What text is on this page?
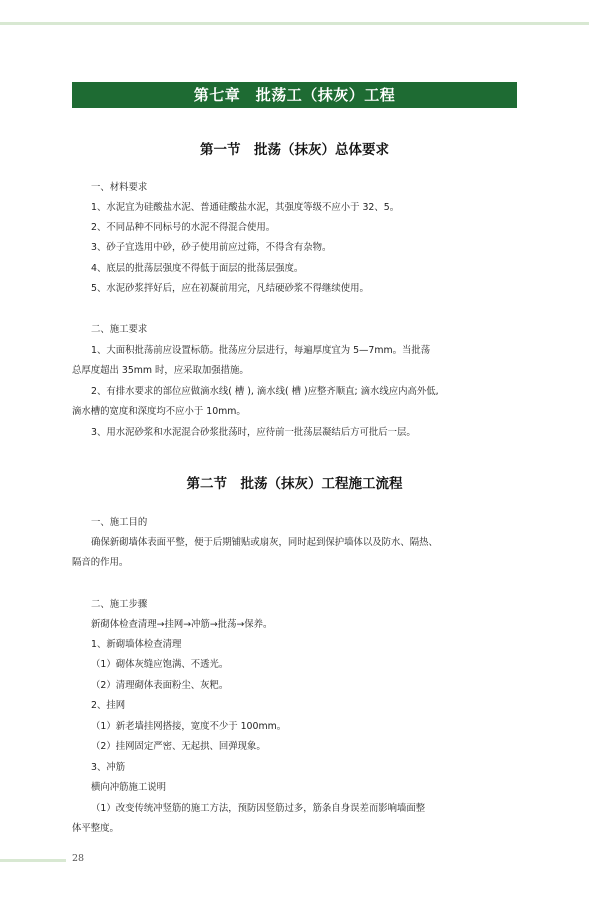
第七章　批荡工（抹灰）工程
第一节　批荡（抹灰）总体要求
一、材料要求
1、水泥宜为硅酸盐水泥、普通硅酸盐水泥，其强度等级不应小于 32、5。
2、不同品种不同标号的水泥不得混合使用。
3、砂子宜选用中砂，砂子使用前应过筛，不得含有杂物。
4、底层的批荡层强度不得低于面层的批荡层强度。
5、水泥砂浆拌好后，应在初凝前用完，凡结硬砂浆不得继续使用。
二、施工要求
1、大面积批荡前应设置标筋。批荡应分层进行，每遍厚度宜为 5—7mm。当批荡
总厚度超出 35mm 时，应采取加强措施。
2、有排水要求的部位应做滴水线( 槽 ), 滴水线( 槽 )应整齐顺直; 滴水线应内高外低,
滴水槽的宽度和深度均不应小于 10mm。
3、用水泥砂浆和水泥混合砂浆批荡时，应待前一批荡层凝结后方可批后一层。
第二节　批荡（抹灰）工程施工流程
一、施工目的
确保新砌墙体表面平整，便于后期铺贴或扇灰，同时起到保护墙体以及防水、隔热、
隔音的作用。
二、施工步骤
新砌体检查清理→挂网→冲筋→批荡→保养。
1、新砌墙体检查清理
（1）砌体灰缝应饱满、不透光。
（2）清理砌体表面粉尘、灰粑。
2、挂网
（1）新老墙挂网搭接，宽度不少于 100mm。
（2）挂网固定严密、无起拱、回弹现象。
3、冲筋
横向冲筋施工说明
（1）改变传统冲竖筋的施工方法，预防因竖筋过多，筋条自身误差而影响墙面整
体平整度。
28
